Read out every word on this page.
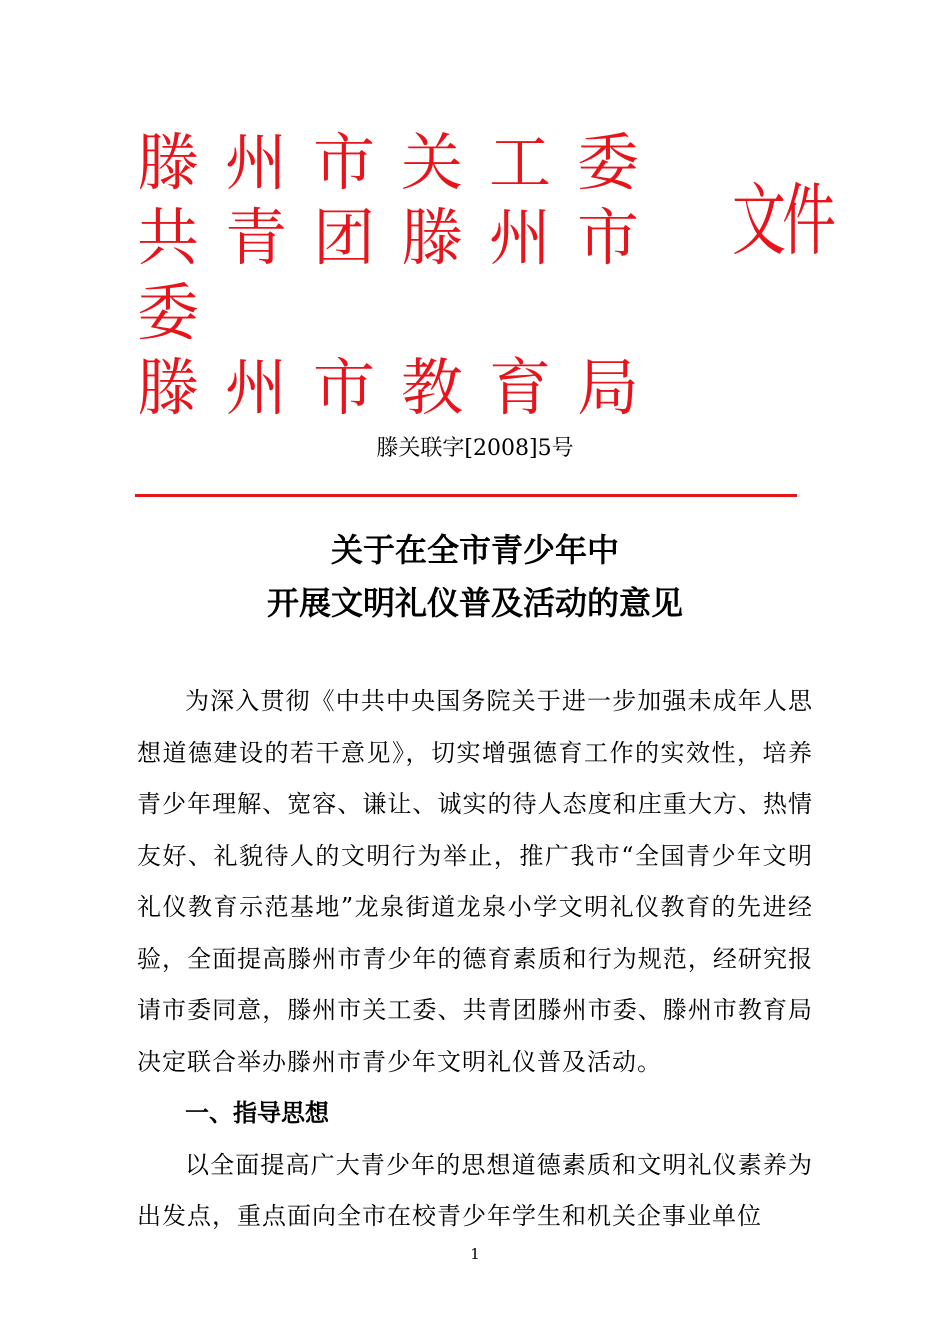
滕州市关工委
共青团滕州市
委
滕州市教育局
文件
滕关联字[2008]5号
关于在全市青少年中
开展文明礼仪普及活动的意见

为深入贯彻《中共中央国务院关于进一步加强未成年人思想道德建设的若干意见》，切实增强德育工作的实效性，培养青少年理解、宽容、谦让、诚实的待人态度和庄重大方、热情友好、礼貌待人的文明行为举止，推广我市“全国青少年文明礼仪教育示范基地”龙泉街道龙泉小学文明礼仪教育的先进经验，全面提高滕州市青少年的德育素质和行为规范，经研究报请市委同意，滕州市关工委、共青团滕州市委、滕州市教育局决定联合举办滕州市青少年文明礼仪普及活动。

一、指导思想

以全面提高广大青少年的思想道德素质和文明礼仪素养为出发点，重点面向全市在校青少年学生和机关企事业单位

1
